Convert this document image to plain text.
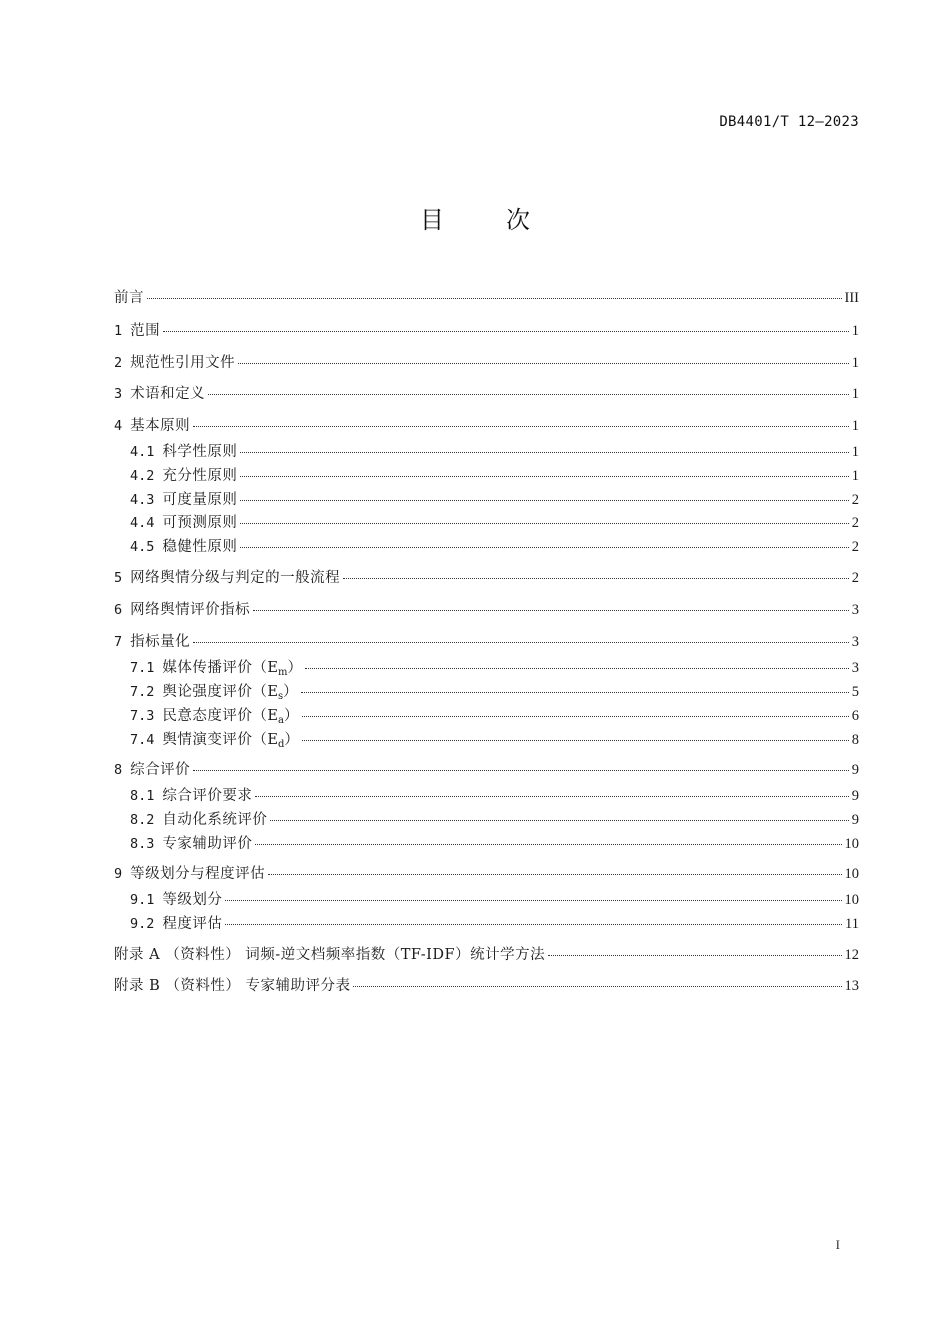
DB4401/T 12—2023
目次
前言	III
1 范围	1
2 规范性引用文件	1
3 术语和定义	1
4 基本原则	1
4.1 科学性原则	1
4.2 充分性原则	1
4.3 可度量原则	2
4.4 可预测原则	2
4.5 稳健性原则	2
5 网络舆情分级与判定的一般流程	2
6 网络舆情评价指标	3
7 指标量化	3
7.1 媒体传播评价（ $E_m$ ）	3
7.2 舆论强度评价（ $E_s$ ）	5
7.3 民意态度评价（ $E_a$ ）	6
7.4 舆情演变评价（ $E_d$ ）	8
8 综合评价	9
8.1 综合评价要求	9
8.2 自动化系统评价	9
8.3 专家辅助评价	10
9 等级划分与程度评估	10
9.1 等级划分	10
9.2 程度评估	11
附录 A （资料性） 词频-逆文档频率指数（TF-IDF）统计学方法	12
附录 B （资料性） 专家辅助评分表	13
I
